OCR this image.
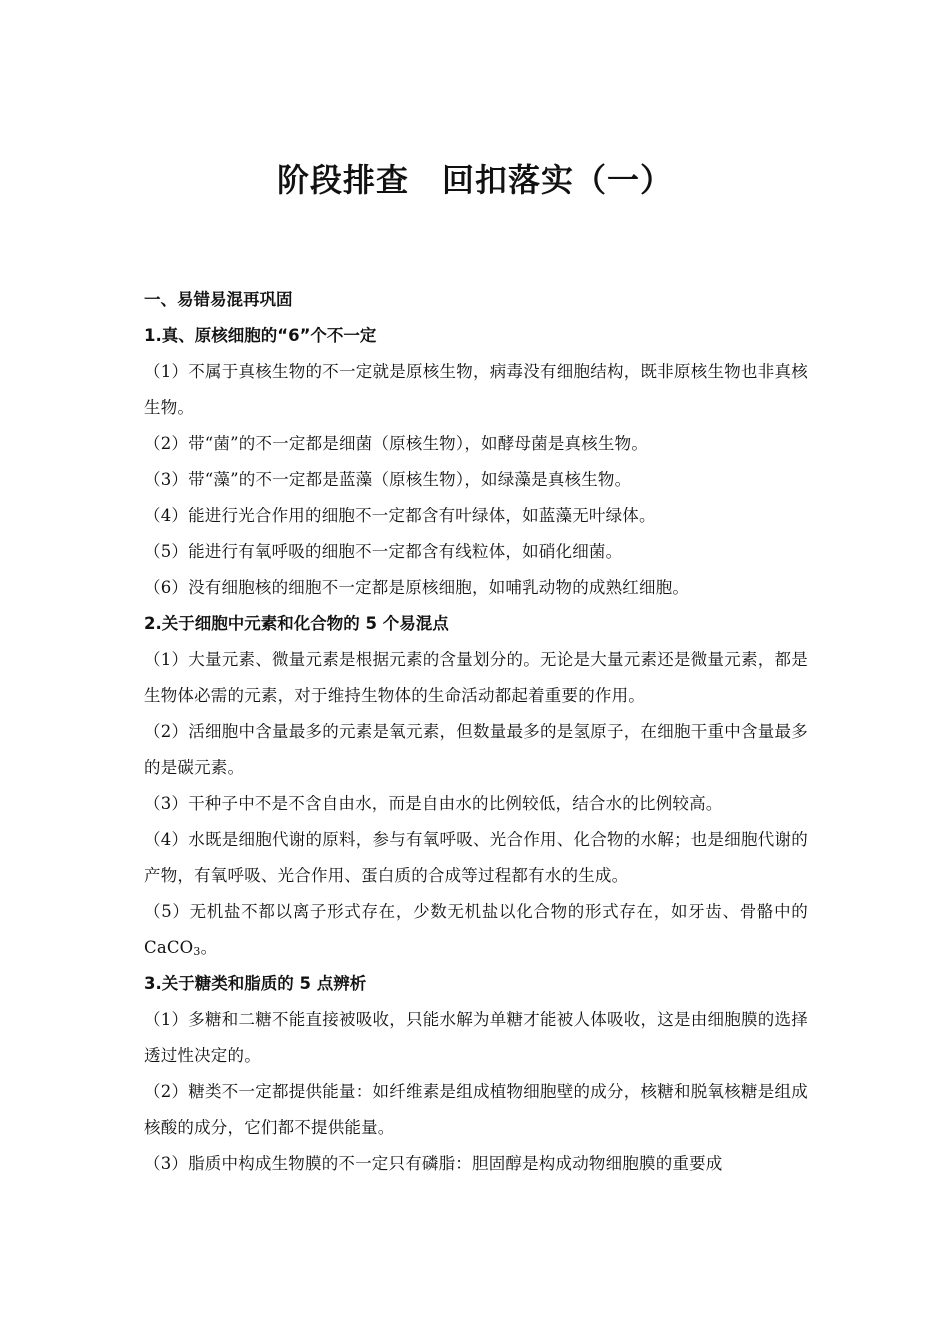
阶段排查　回扣落实（一）
一、易错易混再巩固
1.真、原核细胞的“6”个不一定
（1）不属于真核生物的不一定就是原核生物，病毒没有细胞结构，既非原核生物也非真核生物。
（2）带“菌”的不一定都是细菌（原核生物），如酵母菌是真核生物。
（3）带“藻”的不一定都是蓝藻（原核生物），如绿藻是真核生物。
（4）能进行光合作用的细胞不一定都含有叶绿体，如蓝藻无叶绿体。
（5）能进行有氧呼吸的细胞不一定都含有线粒体，如硝化细菌。
（6）没有细胞核的细胞不一定都是原核细胞，如哺乳动物的成熟红细胞。
2.关于细胞中元素和化合物的 5 个易混点
（1）大量元素、微量元素是根据元素的含量划分的。无论是大量元素还是微量元素，都是生物体必需的元素，对于维持生物体的生命活动都起着重要的作用。
（2）活细胞中含量最多的元素是氧元素，但数量最多的是氢原子，在细胞干重中含量最多的是碳元素。
（3）干种子中不是不含自由水，而是自由水的比例较低，结合水的比例较高。
（4）水既是细胞代谢的原料，参与有氧呼吸、光合作用、化合物的水解；也是细胞代谢的产物，有氧呼吸、光合作用、蛋白质的合成等过程都有水的生成。
（5）无机盐不都以离子形式存在，少数无机盐以化合物的形式存在，如牙齿、骨骼中的 CaCO$_3$。
3.关于糖类和脂质的 5 点辨析
（1）多糖和二糖不能直接被吸收，只能水解为单糖才能被人体吸收，这是由细胞膜的选择透过性决定的。
（2）糖类不一定都提供能量：如纤维素是组成植物细胞壁的成分，核糖和脱氧核糖是组成核酸的成分，它们都不提供能量。
（3）脂质中构成生物膜的不一定只有磷脂：胆固醇是构成动物细胞膜的重要成
